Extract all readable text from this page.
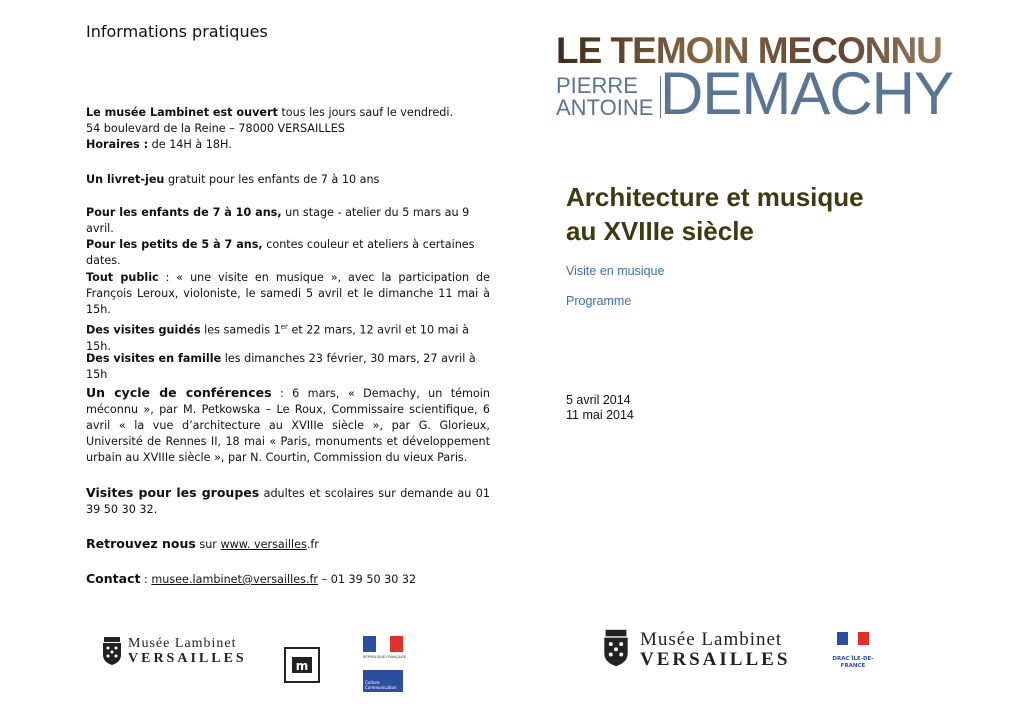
Informations pratiques

Le musée Lambinet est ouvert tous les jours sauf le vendredi.

54 boulevard de la Reine – 78000 VERSAILLES

Horaires : de 14H à 18H.

Un livret-jeu gratuit pour les enfants de 7 à 10 ans

Pour les enfants de 7 à 10 ans, un stage - atelier du 5 mars au 9 avril.

Pour les petits de 5 à 7 ans, contes couleur et ateliers à certaines dates.

Tout public : « une visite en musique », avec la participation de François Leroux, violoniste, le samedi 5 avril et le dimanche 11 mai à 15h.

Des visites guidés les samedis 1er et 22 mars, 12 avril et 10 mai à 15h.

Des visites en famille les dimanches 23 février, 30 mars, 27 avril à 15h

Un cycle de conférences : 6 mars, « Demachy, un témoin méconnu », par M. Petkowska – Le Roux, Commissaire scientifique, 6 avril « la vue d’architecture au XVIIIe siècle », par G. Glorieux, Université de Rennes II, 18 mai « Paris, monuments et développement urbain au XVIIIe siècle », par N. Courtin, Commission du vieux Paris.

Visites pour les groupes adultes et scolaires sur demande au 01 39 50 30 32.

Retrouvez nous sur www. versailles.fr

Contact : musee.lambinet@versailles.fr – 01 39 50 30 32

Musée Lambinet
VERSAILLES	m
RÉPUBLIQUE FRANÇAISE
Culture Communication
LE TEMOIN MECONNU
PIERRE
ANTOINE DEMACHY
Architecture et musique
au XVIIIe siècle
Visite en musique
Programme
5 avril 2014
11 mai 2014
Musée Lambinet
VERSAILLES	DRAC ÎLE-DE-FRANCE
